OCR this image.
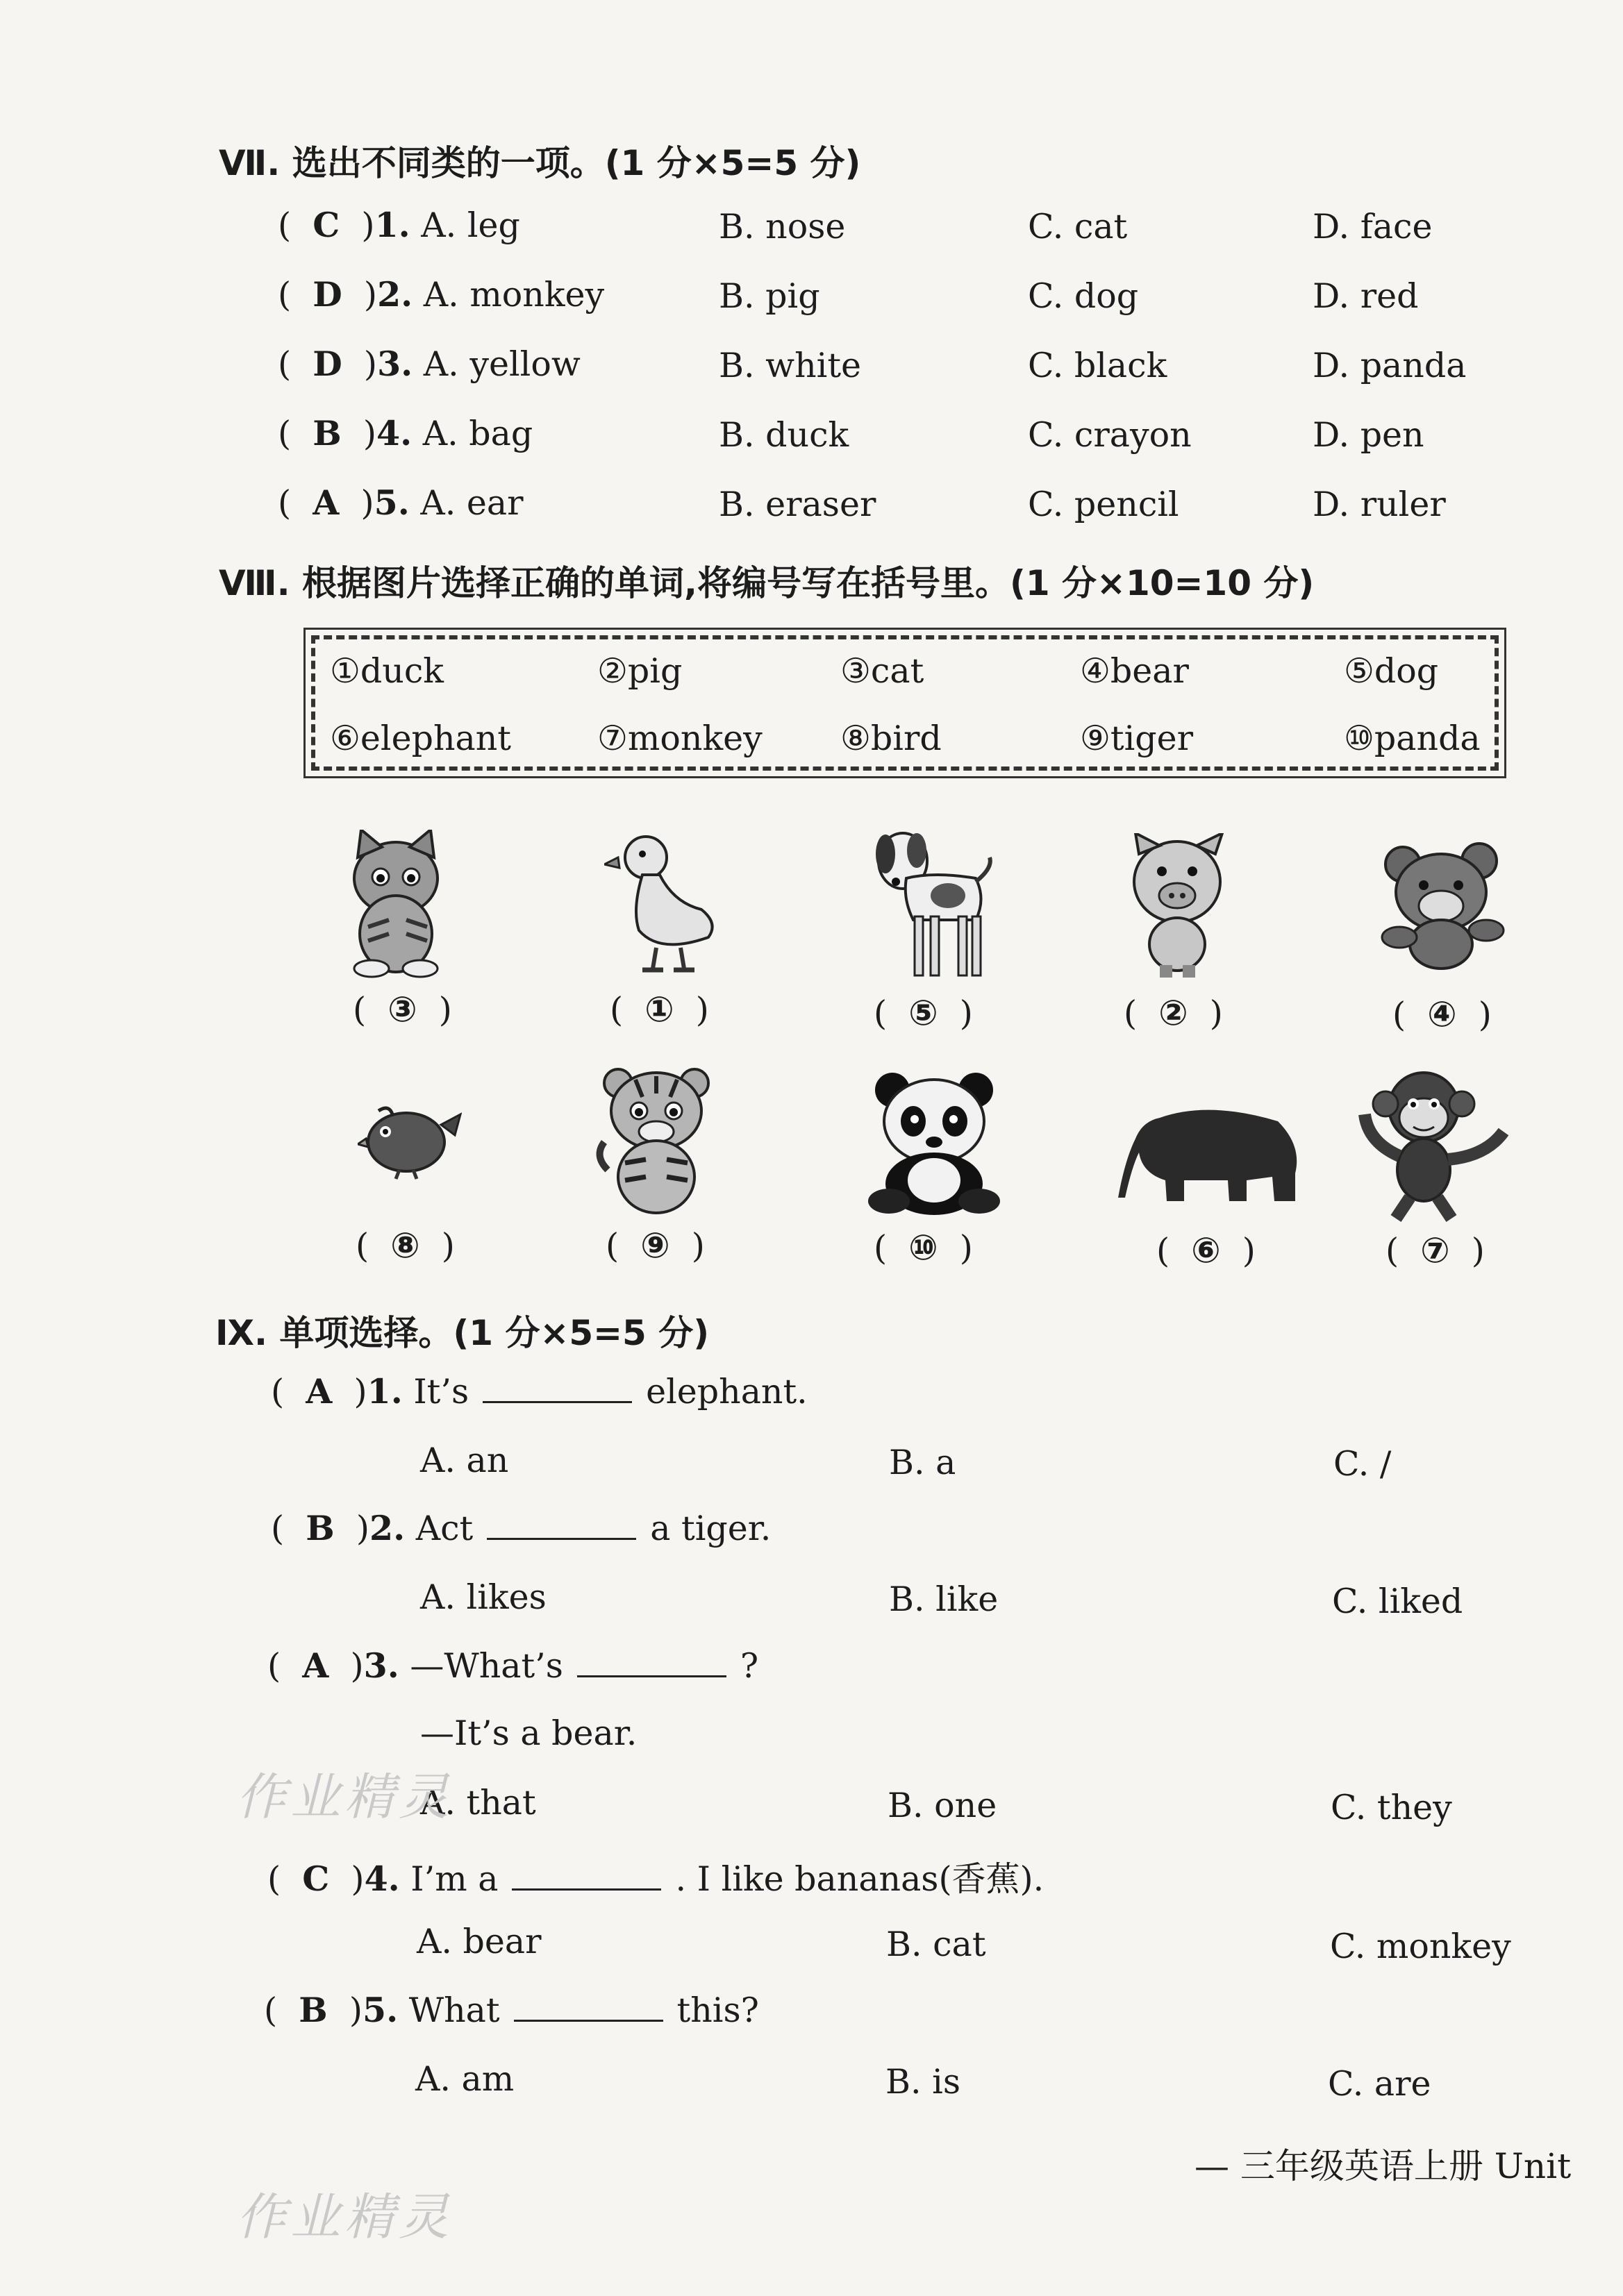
Ⅶ. 选出不同类的一项。(1 分×5=5 分)
(  C  )1. A. leg	B. nose	C. cat	D. face
(  D  )2. A. monkey	B. pig	C. dog	D. red
(  D  )3. A. yellow	B. white	C. black	D. panda
(  B  )4. A. bag	B. duck	C. crayon	D. pen
(  A  )5. A. ear	B. eraser	C. pencil	D. ruler
Ⅷ. 根据图片选择正确的单词,将编号写在括号里。(1 分×10=10 分)
①duck	②pig	③cat	④bear	⑤dog
⑥elephant	⑦monkey ⑧bird	⑨tiger	⑩panda
(  ③  )	(  ①  )	(  ⑤  )	(  ②  )	(  ④  )
(  ⑧  )	(  ⑨  )	(  ⑩  )	(  ⑥  )	(  ⑦  )
Ⅸ. 单项选择。(1 分×5=5 分)
(  A  )1. It’s	elephant.
A. an	B. a	C. /
(  B  )2. Act	a tiger.
A. likes	B. like	C. liked
(  A  )3. —What’s	?
—It’s a bear.
A. that	B. one	C. they
(  C  )4. I’m a	. I like bananas(香蕉).
A. bear	B. cat	C. monkey
(  B  )5. What	this?
A. am	B. is	C. are
作业精灵
作业精灵
— 三年级英语上册 Unit
